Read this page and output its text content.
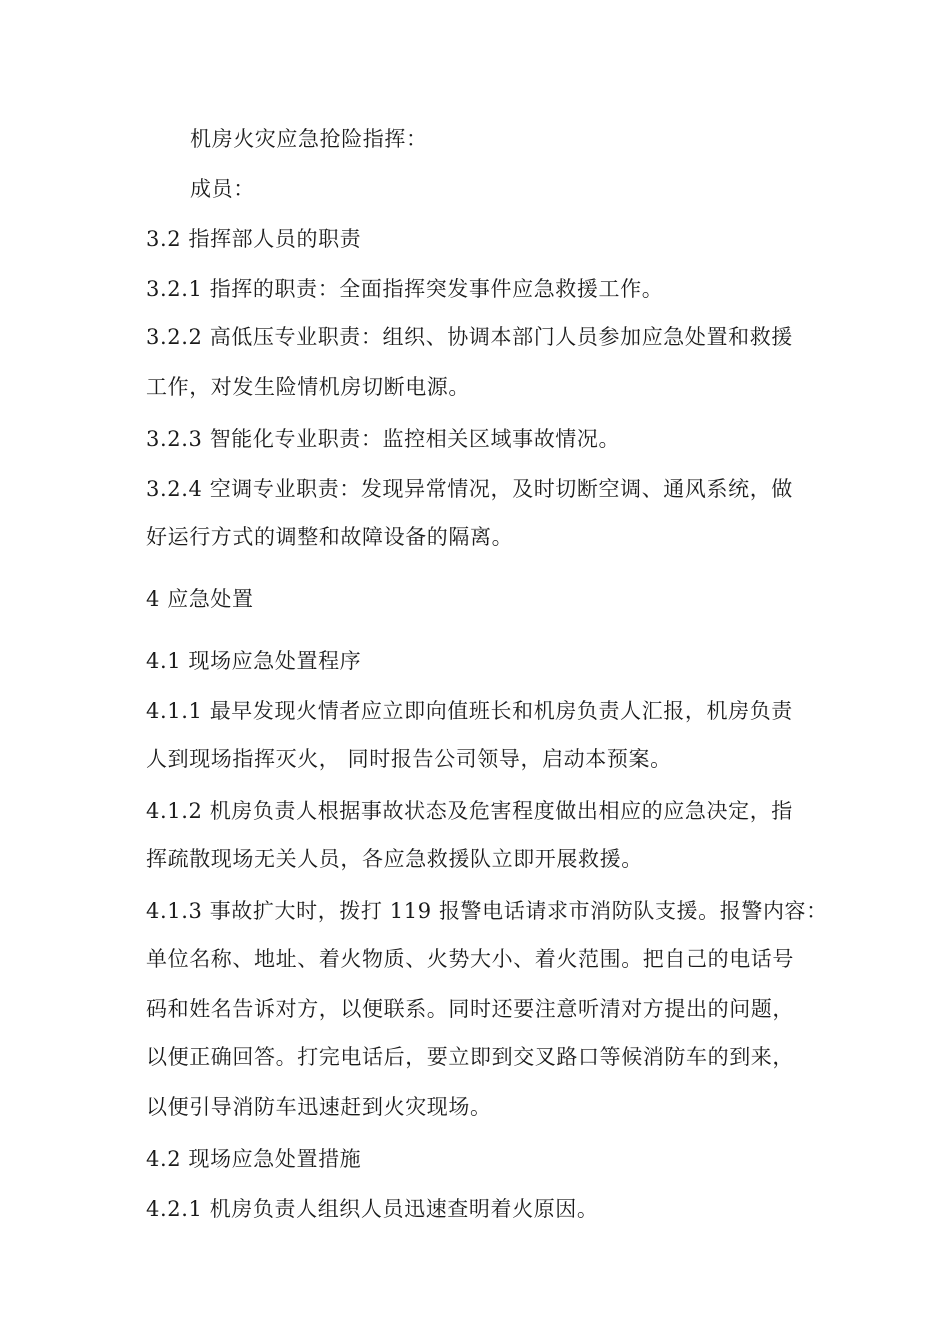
机房火灾应急抢险指挥：
成员：
3.2 指挥部人员的职责
3.2.1 指挥的职责：全面指挥突发事件应急救援工作。
3.2.2 高低压专业职责：组织、协调本部门人员参加应急处置和救援
工作，对发生险情机房切断电源。
3.2.3 智能化专业职责：监控相关区域事故情况。
3.2.4 空调专业职责：发现异常情况，及时切断空调、通风系统，做
好运行方式的调整和故障设备的隔离。
4 应急处置
4.1 现场应急处置程序
4.1.1 最早发现火情者应立即向值班长和机房负责人汇报，机房负责
人到现场指挥灭火， 同时报告公司领导，启动本预案。
4.1.2 机房负责人根据事故状态及危害程度做出相应的应急决定，指
挥疏散现场无关人员，各应急救援队立即开展救援。
4.1.3 事故扩大时，拨打 119 报警电话请求市消防队支援。报警内容：
单位名称、地址、着火物质、火势大小、着火范围。把自己的电话号
码和姓名告诉对方，以便联系。同时还要注意听清对方提出的问题，
以便正确回答。打完电话后，要立即到交叉路口等候消防车的到来，
以便引导消防车迅速赶到火灾现场。
4.2 现场应急处置措施
4.2.1 机房负责人组织人员迅速查明着火原因。
